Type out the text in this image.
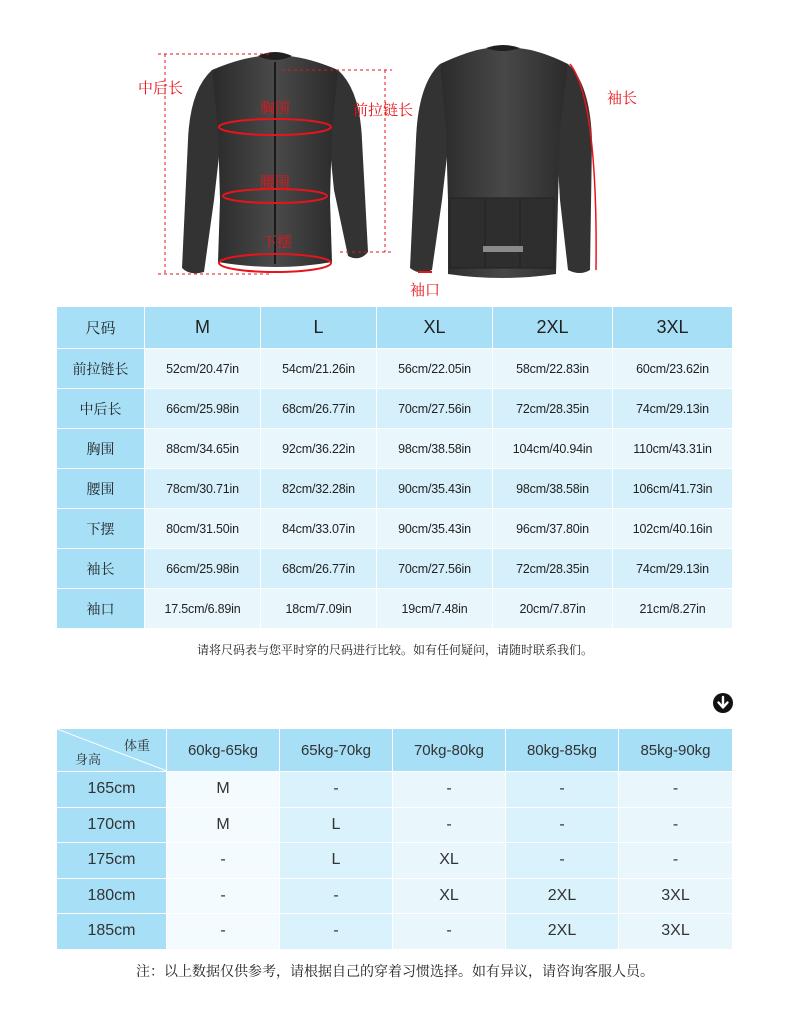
中后长
胸围	前拉链长
腰围
下摆
袖长
袖口
尺码	M	L	XL	2XL	3XL
前拉链长	52cm/20.47in	54cm/21.26in	56cm/22.05in	58cm/22.83in	60cm/23.62in
中后长	66cm/25.98in	68cm/26.77in	70cm/27.56in	72cm/28.35in	74cm/29.13in
胸围	88cm/34.65in	92cm/36.22in	98cm/38.58in	104cm/40.94in	110cm/43.31in
腰围	78cm/30.71in	82cm/32.28in	90cm/35.43in	98cm/38.58in	106cm/41.73in
下摆	80cm/31.50in	84cm/33.07in	90cm/35.43in	96cm/37.80in	102cm/40.16in
袖长	66cm/25.98in	68cm/26.77in	70cm/27.56in	72cm/28.35in	74cm/29.13in
袖口	17.5cm/6.89in	18cm/7.09in	19cm/7.48in	20cm/7.87in	21cm/8.27in

请将尺码表与您平时穿的尺码进行比较。如有任何疑问，请随时联系我们。

体重
身高	60kg-65kg	65kg-70kg	70kg-80kg	80kg-85kg	85kg-90kg
165cm	M	-	-	-	-
170cm	M	L	-	-	-
175cm	-	L	XL	-	-
180cm	-	-	XL	2XL	3XL
185cm	-	-	-	2XL	3XL

注：以上数据仅供参考，请根据自己的穿着习惯选择。如有异议，请咨询客服人员。
